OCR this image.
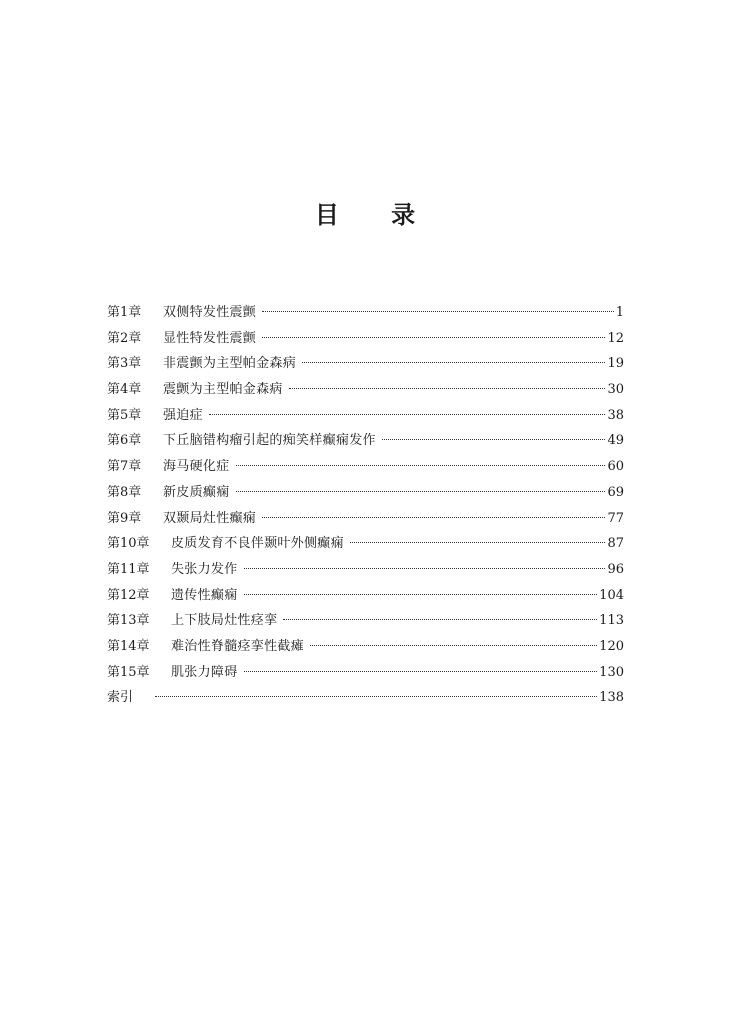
目 录
第1章	双侧特发性震颤	1
第2章	显性特发性震颤	12
第3章	非震颤为主型帕金森病	19
第4章	震颤为主型帕金森病	30
第5章	强迫症	38
第6章	下丘脑错构瘤引起的痴笑样癫痫发作	49
第7章	海马硬化症	60
第8章	新皮质癫痫	69
第9章	双颞局灶性癫痫	77
第10章	皮质发育不良伴颞叶外侧癫痫	87
第11章	失张力发作	96
第12章	遗传性癫痫	104
第13章	上下肢局灶性痉挛	113
第14章	难治性脊髓痉挛性截瘫	120
第15章	肌张力障碍	130
索引	138
